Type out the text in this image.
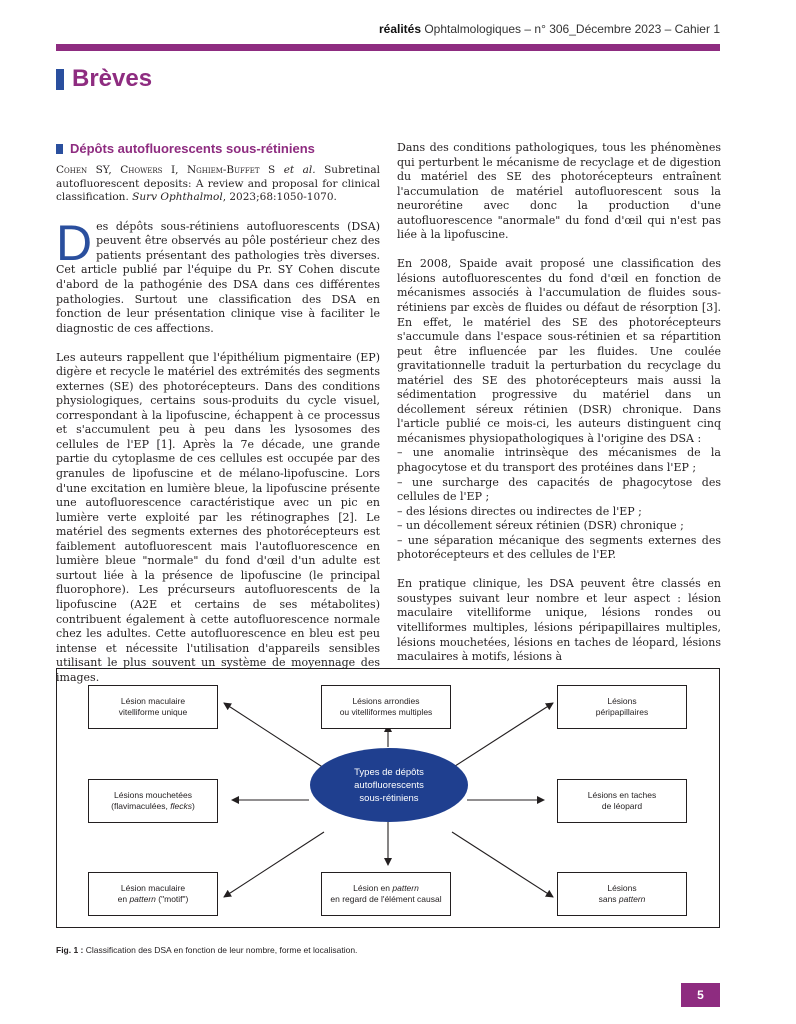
réalités Ophtalmologiques – n° 306_Décembre 2023 – Cahier 1
Brèves
Dépôts autofluorescents sous-rétiniens

Cohen SY, Chowers I, Nghiem-Buffet S et al. Subretinal autofluorescent deposits: A review and proposal for clinical classification. Surv Ophthalmol, 2023;68:1050-1070.

Des dépôts sous-rétiniens autofluorescents (DSA) peuvent être observés au pôle postérieur chez des patients présentant des pathologies très diverses. Cet article publié par l'équipe du Pr. SY Cohen discute d'abord de la pathogénie des DSA dans ces différentes pathologies. Surtout une classification des DSA en fonction de leur présentation clinique vise à faciliter le diagnostic de ces affections.

Les auteurs rappellent que l'épithélium pigmentaire (EP) digère et recycle le matériel des extrémités des segments externes (SE) des photorécepteurs. Dans des conditions physiologiques, certains sous-produits du cycle visuel, correspondant à la lipofuscine, échappent à ce processus et s'accumulent peu à peu dans les lysosomes des cellules de l'EP [1]. Après la 7e décade, une grande partie du cytoplasme de ces cellules est occupée par des granules de lipofuscine et de mélano-lipofuscine. Lors d'une excitation en lumière bleue, la lipofuscine présente une autofluorescence caractéristique avec un pic en lumière verte exploité par les rétinographes [2]. Le matériel des segments externes des photorécepteurs est faiblement autofluorescent mais l'autofluorescence en lumière bleue "normale" du fond d'œil d'un adulte est surtout liée à la présence de lipofuscine (le principal fluorophore). Les précurseurs autofluorescents de la lipofuscine (A2E et certains de ses métabolites) contribuent également à cette autofluorescence normale chez les adultes. Cette autofluorescence en bleu est peu intense et nécessite l'utilisation d'appareils sensibles utilisant le plus souvent un système de moyennage des images.

Dans des conditions pathologiques, tous les phénomènes qui perturbent le mécanisme de recyclage et de digestion du matériel des SE des photorécepteurs entraînent l'accumulation de matériel autofluorescent sous la neurorétine avec donc la production d'une autofluorescence "anormale" du fond d'œil qui n'est pas liée à la lipofuscine.

En 2008, Spaide avait proposé une classification des lésions autofluorescentes du fond d'œil en fonction de mécanismes associés à l'accumulation de fluides sous-rétiniens par excès de fluides ou défaut de résorption [3]. En effet, le matériel des SE des photorécepteurs s'accumule dans l'espace sous-rétinien et sa répartition peut être influencée par les fluides. Une coulée gravitationnelle traduit la perturbation du recyclage du matériel des SE des photorécepteurs mais aussi la sédimentation progressive du matériel dans un décollement séreux rétinien (DSR) chronique. Dans l'article publié ce mois-ci, les auteurs distinguent cinq mécanismes physiopathologiques à l'origine des DSA :

– une anomalie intrinsèque des mécanismes de la phagocytose et du transport des protéines dans l'EP ;

– une surcharge des capacités de phagocytose des cellules de l'EP ;

– des lésions directes ou indirectes de l'EP ;

– un décollement séreux rétinien (DSR) chronique ;

– une séparation mécanique des segments externes des photorécepteurs et des cellules de l'EP.

En pratique clinique, les DSA peuvent être classés en soustypes suivant leur nombre et leur aspect : lésion maculaire vitelliforme unique, lésions rondes ou vitelliformes multiples, lésions péripapillaires multiples, lésions mouchetées, lésions en taches de léopard, lésions maculaires à motifs, lésions à

Types de dépôts
autofluorescents
sous-rétiniens
Lésion maculaire
vitelliforme unique
Lésions arrondies
ou vitelliformes multiples
Lésions
péripapillaires
Lésions mouchetées
(flavimaculées, flecks)
Lésions en taches
de léopard
Lésion maculaire
en pattern ("motif")
Lésion en pattern
en regard de l'élément causal
Lésions
sans pattern
Fig. 1 : Classification des DSA en fonction de leur nombre, forme et localisation.
5
